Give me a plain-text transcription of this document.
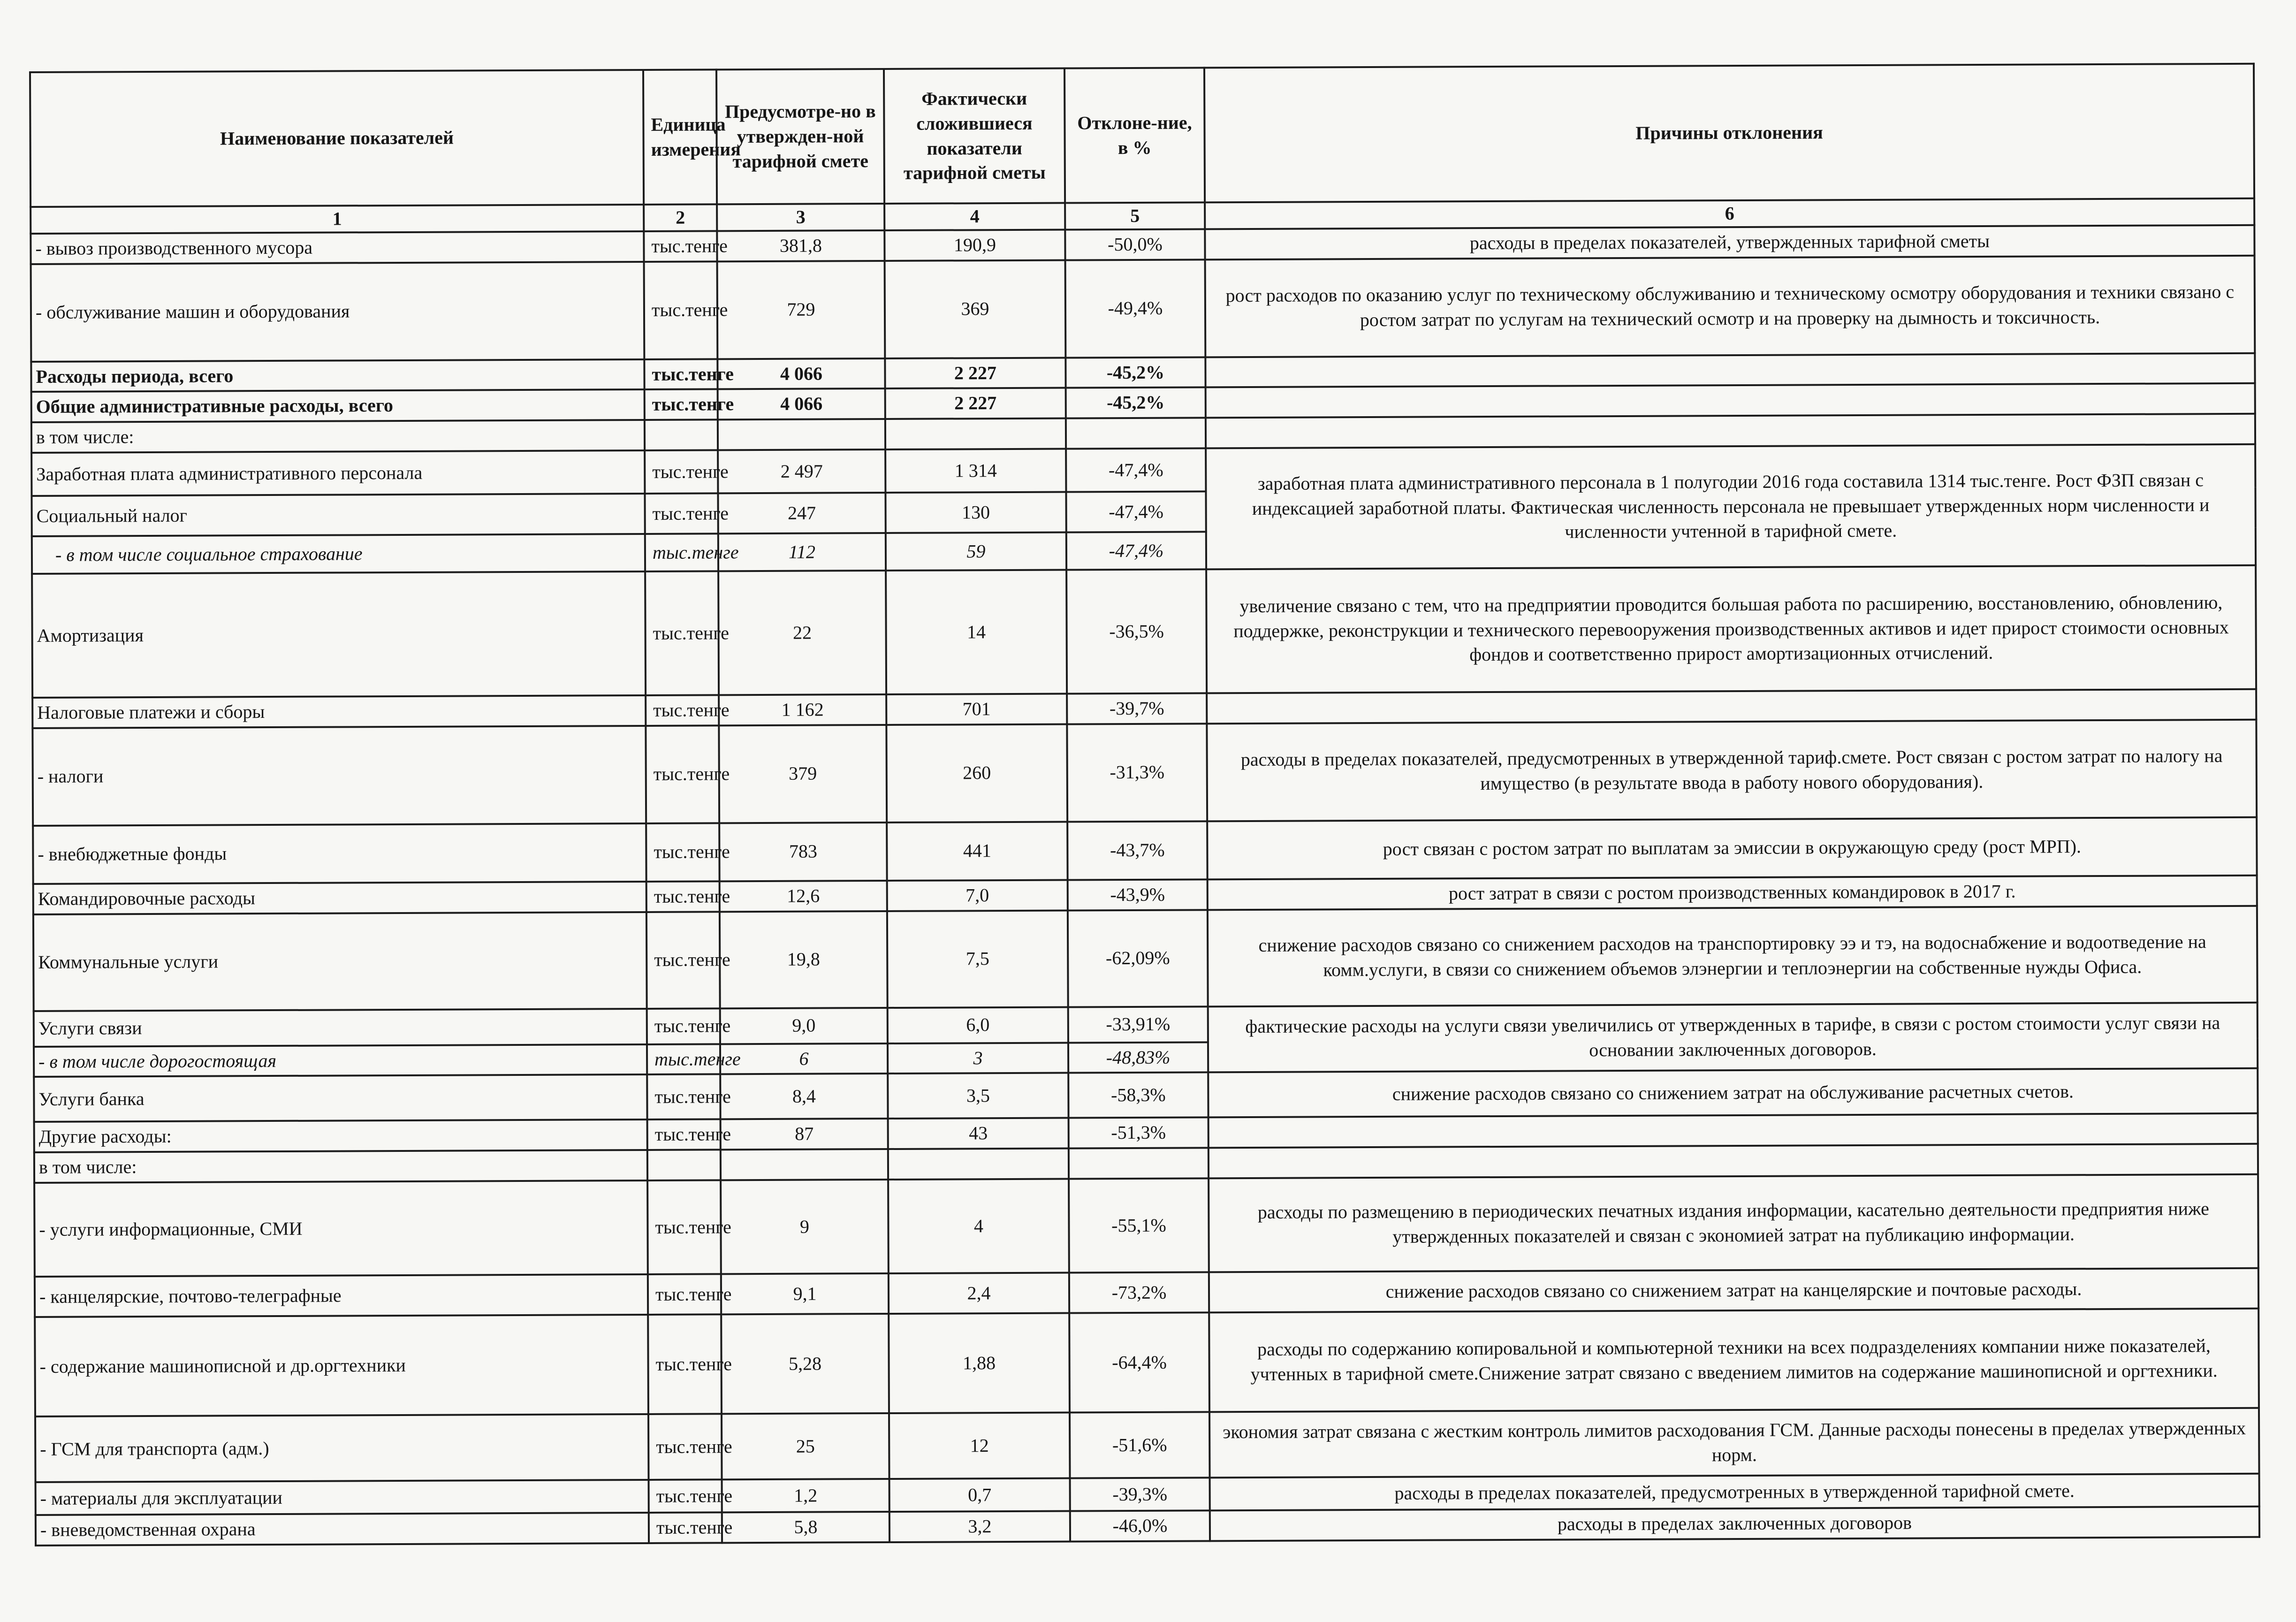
Наименование показателей	Единица измерения	Предусмотре-но в утвержден-ной тарифной смете	Фактически сложившиеся показатели тарифной сметы	Отклоне-ние, в %	Причины отклонения
1	2	3	4	5	6
- вывоз производственного мусора	тыс.тенге	381,8	190,9	-50,0%	расходы в пределах показателей, утвержденных тарифной сметы
- обслуживание машин и оборудования	тыс.тенге	729	369	-49,4%	рост расходов по оказанию услуг по техническому обслуживанию и техническому осмотру оборудования и техники связано с ростом затрат по услугам на технический осмотр и на проверку на дымность и токсичность.
Расходы периода, всего	тыс.тенге	4 066	2 227	-45,2%	
Общие административные расходы, всего	тыс.тенге	4 066	2 227	-45,2%	
в том числе:					
Заработная плата административного персонала	тыс.тенге	2 497	1 314	-47,4%	заработная плата административного персонала в 1 полугодии 2016 года составила 1314 тыс.тенге. Рост ФЗП связан с индексацией заработной платы. Фактическая численность персонала не превышает утвержденных норм численности и численности учтенной в тарифной смете.
Социальный налог	тыс.тенге	247	130	-47,4%	
- в том числе социальное страхование	тыс.тенге	112	59	-47,4%	
Амортизация	тыс.тенге	22	14	-36,5%	увеличение связано с тем, что на предприятии проводится большая работа по расширению, восстановлению, обновлению, поддержке, реконструкции и технического перевооружения производственных активов и идет прирост стоимости основных фондов и соответственно прирост амортизационных отчислений.
Налоговые платежи и сборы	тыс.тенге	1 162	701	-39,7%	
- налоги	тыс.тенге	379	260	-31,3%	расходы в пределах показателей, предусмотренных в утвержденной тариф.смете. Рост связан с ростом затрат по налогу на имущество (в результате ввода в работу нового оборудования).
- внебюджетные фонды	тыс.тенге	783	441	-43,7%	рост связан с ростом затрат по выплатам за эмиссии в окружающую среду (рост МРП).
Командировочные расходы	тыс.тенге	12,6	7,0	-43,9%	рост затрат в связи с ростом производственных командировок в 2017 г.
Коммунальные услуги	тыс.тенге	19,8	7,5	-62,09%	снижение расходов связано со снижением расходов на транспортировку ээ и тэ, на водоснабжение и водоотведение на комм.услуги, в связи со снижением объемов элэнергии и теплоэнергии на собственные нужды Офиса.
Услуги связи	тыс.тенге	9,0	6,0	-33,91%	фактические расходы на услуги связи увеличились от утвержденных в тарифе, в связи с ростом стоимости услуг связи на основании заключенных договоров.
- в том числе дорогостоящая	тыс.тенге	6	3	-48,83%	
Услуги банка	тыс.тенге	8,4	3,5	-58,3%	снижение расходов связано со снижением затрат на обслуживание расчетных счетов.
Другие расходы:	тыс.тенге	87	43	-51,3%	
в том числе:					
- услуги информационные, СМИ	тыс.тенге	9	4	-55,1%	расходы по размещению в периодических печатных издания информации, касательно деятельности предприятия ниже утвержденных показателей и связан с экономией затрат на публикацию информации.
- канцелярские, почтово-телеграфные	тыс.тенге	9,1	2,4	-73,2%	снижение расходов связано со снижением затрат на канцелярские и почтовые расходы.
- содержание машинописной и др.оргтехники	тыс.тенге	5,28	1,88	-64,4%	расходы по содержанию копировальной и компьютерной техники на всех подразделениях компании ниже показателей, учтенных в тарифной смете.Снижение затрат связано с введением лимитов на содержание машинописной и оргтехники.
- ГСМ для транспорта (адм.)	тыс.тенге	25	12	-51,6%	экономия затрат связана с жестким контроль лимитов расходования ГСМ. Данные расходы понесены в пределах утвержденных норм.
- материалы для эксплуатации	тыс.тенге	1,2	0,7	-39,3%	расходы в пределах показателей, предусмотренных в утвержденной тарифной смете.
- вневедомственная охрана	тыс.тенге	5,8	3,2	-46,0%	расходы в пределах заключенных договоров
